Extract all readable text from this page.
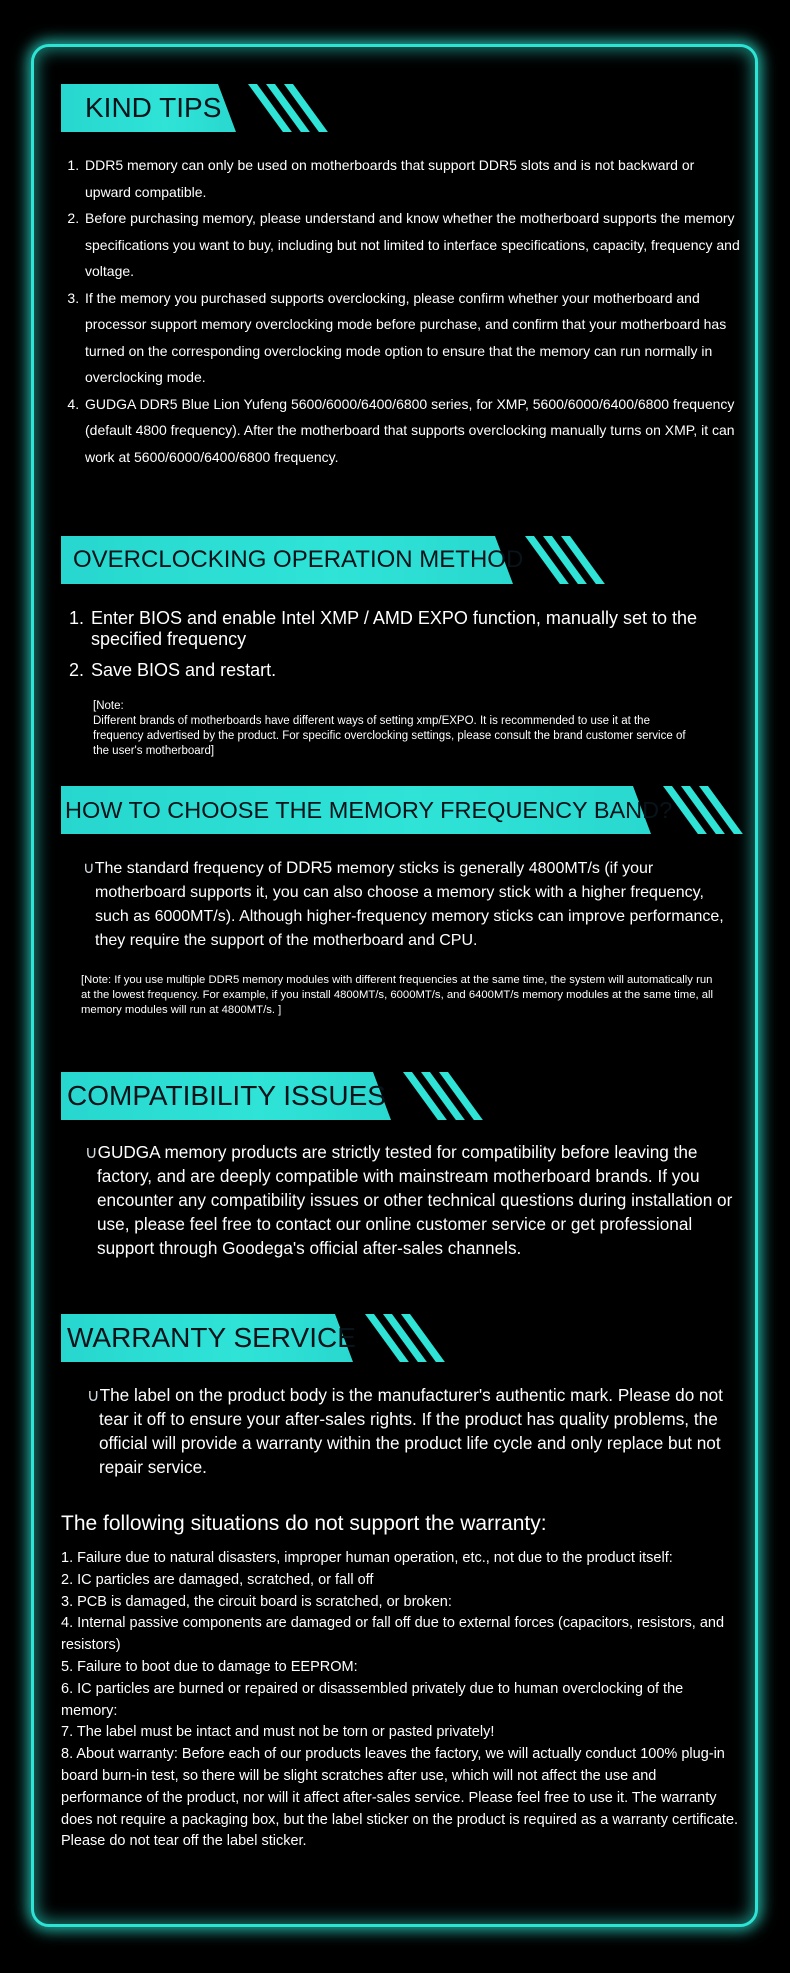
KIND TIPS
1. DDR5 memory can only be used on motherboards that support DDR5 slots and is not backward or upward compatible.
2. Before purchasing memory, please understand and know whether the motherboard supports the memory specifications you want to buy, including but not limited to interface specifications, capacity, frequency and voltage.
3. If the memory you purchased supports overclocking, please confirm whether your motherboard and processor support memory overclocking mode before purchase, and confirm that your motherboard has turned on the corresponding overclocking mode option to ensure that the memory can run normally in overclocking mode.
4. GUDGA DDR5 Blue Lion Yufeng 5600/6000/6400/6800 series, for XMP, 5600/6000/6400/6800 frequency (default 4800 frequency). After the motherboard that supports overclocking manually turns on XMP, it can work at 5600/6000/6400/6800 frequency.
OVERCLOCKING OPERATION METHOD
1. Enter BIOS and enable Intel XMP / AMD EXPO function, manually set to the specified frequency
2. Save BIOS and restart.
[Note:
Different brands of motherboards have different ways of setting xmp/EXPO. It is recommended to use it at the frequency advertised by the product. For specific overclocking settings, please consult the brand customer service of the user's motherboard]
HOW TO CHOOSE THE MEMORY FREQUENCY BAND?
∪The standard frequency of DDR5 memory sticks is generally 4800MT/s (if your motherboard supports it, you can also choose a memory stick with a higher frequency, such as 6000MT/s). Although higher-frequency memory sticks can improve performance, they require the support of the motherboard and CPU.
[Note: If you use multiple DDR5 memory modules with different frequencies at the same time, the system will automatically run at the lowest frequency. For example, if you install 4800MT/s, 6000MT/s, and 6400MT/s memory modules at the same time, all memory modules will run at 4800MT/s. ]
COMPATIBILITY ISSUES
∪GUDGA memory products are strictly tested for compatibility before leaving the factory, and are deeply compatible with mainstream motherboard brands. If you encounter any compatibility issues or other technical questions during installation or use, please feel free to contact our online customer service or get professional support through Goodega's official after-sales channels.
WARRANTY SERVICE
∪The label on the product body is the manufacturer's authentic mark. Please do not tear it off to ensure your after-sales rights. If the product has quality problems, the official will provide a warranty within the product life cycle and only replace but not repair service.
The following situations do not support the warranty:
1. Failure due to natural disasters, improper human operation, etc., not due to the product itself:
2. IC particles are damaged, scratched, or fall off
3. PCB is damaged, the circuit board is scratched, or broken:
4. Internal passive components are damaged or fall off due to external forces (capacitors, resistors, and resistors)
5. Failure to boot due to damage to EEPROM:
6. IC particles are burned or repaired or disassembled privately due to human overclocking of the memory:
7. The label must be intact and must not be torn or pasted privately!
8. About warranty: Before each of our products leaves the factory, we will actually conduct 100% plug-in board burn-in test, so there will be slight scratches after use, which will not affect the use and performance of the product, nor will it affect after-sales service. Please feel free to use it. The warranty does not require a packaging box, but the label sticker on the product is required as a warranty certificate. Please do not tear off the label sticker.
